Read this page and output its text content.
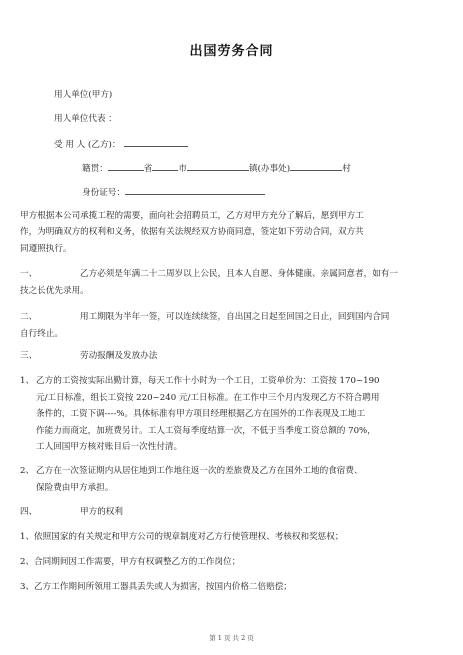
出国劳务合同
用人单位(甲方)
用人单位代表 ：
受 用 人 (乙方)：
籍贯：	省	市	镇(办事处)	村
身份证号：
甲方根据本公司承揽工程的需要，面向社会招聘员工，乙方对甲方充分了解后，愿到甲方工
作，为明确双方的权利和义务，依据有关法规经双方协商同意，签定如下劳动合同，双方共
同遵照执行。
一、	乙方必须是年满二十二周岁以上公民，且本人自愿、身体健康、亲属同意者，如有一
技之长优先录用。
二、	用工期限为半年一签，可以连续续签，自出国之日起至回国之日止，回到国内合同
自行终止。
三、	劳动报酬及发放办法
1、 乙方的工资按实际出勤计算，每天工作十小时为一个工日，工资单价为：工资按 170~190
元/工日标准，组长工资按 220~240 元/工日标准。在工作中三个月内发现乙方不符合聘用
条件的，工资下调----%。具体标准有甲方项目经理根据乙方在国外的工作表现及工地工
作能力而商定，加班费另计。工人工资每季度结算一次，不低于当季度工资总额的 70%，
工人回国甲方核对账目后一次性付清。
2、 乙方在一次签证期内从居住地到工作地往返一次的差旅费及乙方在国外工地的食宿费、
保险费由甲方承担。
四、	甲方的权利
1、依照国家的有关规定和甲方公司的规章制度对乙方行使管理权、考核权和奖惩权；
2、合同期间因工作需要，甲方有权调整乙方的工作岗位；
3、乙方工作期间所领用工器具丢失或人为损害，按国内价格二倍赔偿；
第 1 页 共 2 页
